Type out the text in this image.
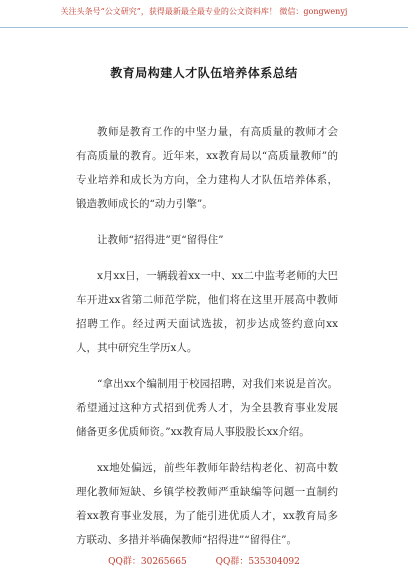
关注头条号“公文研究”，获得最新最全最专业的公文资料库！ 微信：gongwenyj
教育局构建人才队伍培养体系总结

教师是教育工作的中坚力量，有高质量的教师才会有高质量的教育。近年来，xx教育局以“高质量教师”的专业培养和成长为方向，全力建构人才队伍培养体系，锻造教师成长的“动力引擎”。

让教师“招得进”更“留得住”

x月xx日，一辆载着xx一中、xx二中监考老师的大巴车开进xx省第二师范学院，他们将在这里开展高中教师招聘工作。经过两天面试选拔，初步达成签约意向xx人，其中研究生学历x人。

“拿出xx个编制用于校园招聘，对我们来说是首次。希望通过这种方式招到优秀人才，为全县教育事业发展储备更多优质师资。”xx教育局人事股股长xx介绍。

xx地处偏远，前些年教师年龄结构老化、初高中数理化教师短缺、乡镇学校教师严重缺编等问题一直制约着xx教育事业发展，为了能引进优质人才，xx教育局多方联动、多措并举确保教师“招得进”“留得住”。

QQ群：30265665	QQ群：535304092
